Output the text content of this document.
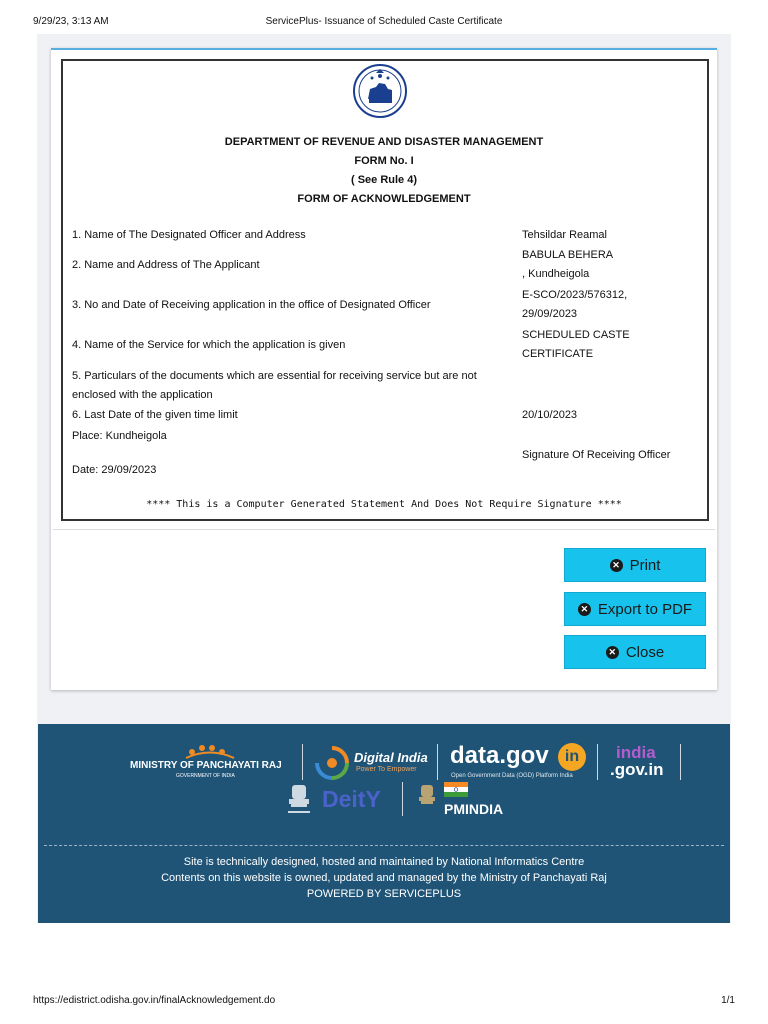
9/29/23, 3:13 AM	ServicePlus- Issuance of Scheduled Caste Certificate
https://edistrict.odisha.gov.in/finalAcknowledgement.do	1/1
DEPARTMENT OF REVENUE AND DISASTER MANAGEMENT
FORM No. I
( See Rule 4)
FORM OF ACKNOWLEDGEMENT
1. Name of The Designated Officer and Address	Tehsildar Reamal
2. Name and Address of The Applicant
BABULA BEHERA
, Kundheigola
3. No and Date of Receiving application in the office of Designated Officer
E-SCO/2023/576312,
29/09/2023
4. Name of the Service for which the application is given
SCHEDULED CASTE
CERTIFICATE
5. Particulars of the documents which are essential for receiving service but are not
enclosed with the application
6. Last Date of the given time limit	20/10/2023
Place: Kundheigola
Signature Of Receiving Officer
Date: 29/09/2023
**** This is a Computer Generated Statement And Does Not Require Signature ****
✕ Print
✕ Export to PDF
✕ Close
MINISTRY OF PANCHAYATI RAJ
GOVERNMENT OF INDIA
Digital India
Power To Empower
data.gov	in
Open Government Data (OGD) Platform India
india
.gov.in
DeitY	PMINDIA
Site is technically designed, hosted and maintained by National Informatics Centre
Contents on this website is owned, updated and managed by the Ministry of Panchayati Raj
POWERED BY SERVICEPLUS
